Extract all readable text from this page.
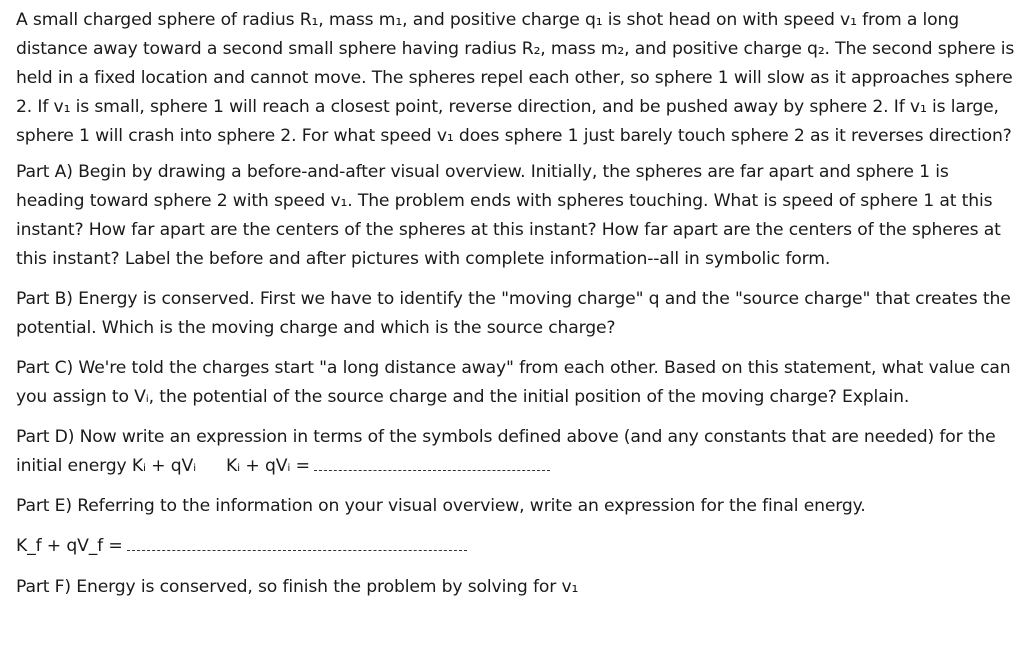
A small charged sphere of radius R₁, mass m₁, and positive charge q₁ is shot head on with speed v₁ from a long distance away toward a second small sphere having radius R₂, mass m₂, and positive charge q₂. The second sphere is held in a fixed location and cannot move. The spheres repel each other, so sphere 1 will slow as it approaches sphere 2. If v₁ is small, sphere 1 will reach a closest point, reverse direction, and be pushed away by sphere 2. If v₁ is large, sphere 1 will crash into sphere 2. For what speed v₁ does sphere 1 just barely touch sphere 2 as it reverses direction?

Part A) Begin by drawing a before-and-after visual overview. Initially, the spheres are far apart and sphere 1 is heading toward sphere 2 with speed v₁. The problem ends with spheres touching. What is speed of sphere 1 at this instant? How far apart are the centers of the spheres at this instant? How far apart are the centers of the spheres at this instant? Label the before and after pictures with complete information--all in symbolic form.

Part B) Energy is conserved. First we have to identify the "moving charge" q and the "source charge" that creates the potential. Which is the moving charge and which is the source charge?

Part C) We're told the charges start "a long distance away" from each other. Based on this statement, what value can you assign to Vᵢ, the potential of the source charge and the initial position of the moving charge? Explain.

Part D) Now write an expression in terms of the symbols defined above (and any constants that are needed) for the initial energy Kᵢ + qVᵢ Kᵢ + qVᵢ =

Part E) Referring to the information on your visual overview, write an expression for the final energy.

K_f + qV_f =

Part F) Energy is conserved, so finish the problem by solving for v₁
